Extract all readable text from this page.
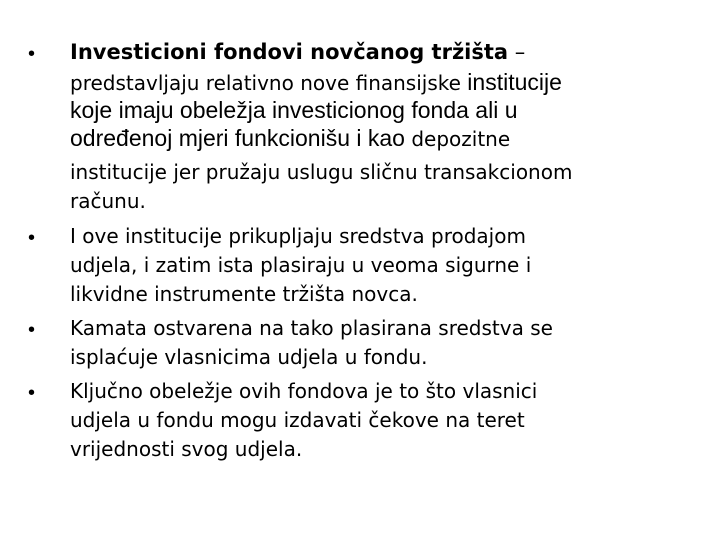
• Investicioni fondovi novčanog tržišta –
predstavljaju relativno nove finansijske institucije
koje imaju obeležja investicionog fonda ali u
određenoj mjeri funkcionišu i kao depozitne
institucije jer pružaju uslugu sličnu transakcionom
računu.
• I ove institucije prikupljaju sredstva prodajom
udjela, i zatim ista plasiraju u veoma sigurne i
likvidne instrumente tržišta novca.
• Kamata ostvarena na tako plasirana sredstva se
isplaćuje vlasnicima udjela u fondu.
• Ključno obeležje ovih fondova je to što vlasnici
udjela u fondu mogu izdavati čekove na teret
vrijednosti svog udjela.
